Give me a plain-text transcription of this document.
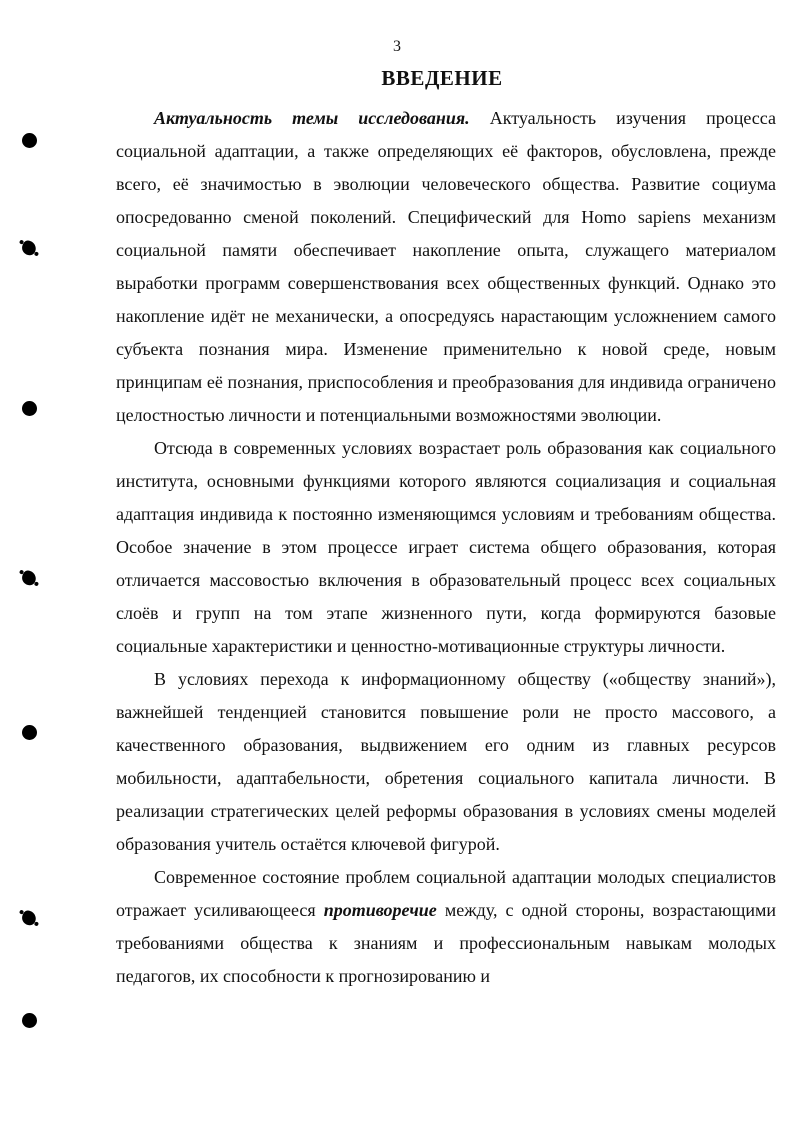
3
ВВЕДЕНИЕ

Актуальность темы исследования. Актуальность изучения процесса социальной адаптации, а также определяющих её факторов, обусловлена, прежде всего, её значимостью в эволюции человеческого общества. Развитие социума опосредованно сменой поколений. Специфический для Homo sapiens механизм социальной памяти обеспечивает накопление опыта, служащего материалом выработки программ совершенствования всех общественных функций. Однако это накопление идёт не механически, а опосредуясь нарастающим усложнением самого субъекта познания мира. Изменение применительно к новой среде, новым принципам её познания, приспособления и преобразования для индивида ограничено целостностью личности и потенциальными возможностями эволюции.

Отсюда в современных условиях возрастает роль образования как социального института, основными функциями которого являются социализация и социальная адаптация индивида к постоянно изменяющимся условиям и требованиям общества. Особое значение в этом процессе играет система общего образования, которая отличается массовостью включения в образовательный процесс всех социальных слоёв и групп на том этапе жизненного пути, когда формируются базовые социальные характеристики и ценностно-мотивационные структуры личности.

В условиях перехода к информационному обществу («обществу знаний»), важнейшей тенденцией становится повышение роли не просто массового, а качественного образования, выдвижением его одним из главных ресурсов мобильности, адаптабельности, обретения социального капитала личности. В реализации стратегических целей реформы образования в условиях смены моделей образования учитель остаётся ключевой фигурой.

Современное состояние проблем социальной адаптации молодых специалистов отражает усиливающееся противоречие между, с одной стороны, возрастающими требованиями общества к знаниям и профессиональным навыкам молодых педагогов, их способности к прогнозированию и
